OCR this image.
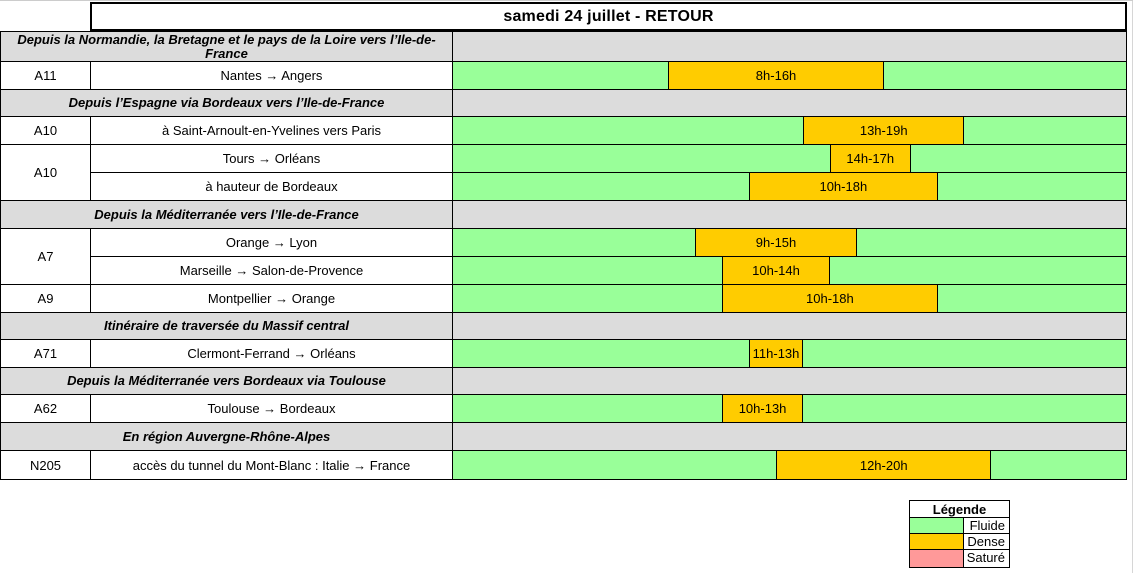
samedi 24 juillet - RETOUR
Depuis la Normandie, la Bretagne et le pays de la Loire vers l’Ile-de-France
A11	Nantes → Angers	8h-16h
Depuis l’Espagne via Bordeaux vers l’Ile-de-France
A10	à Saint-Arnoult-en-Yvelines vers Paris	13h-19h
A10
Tours → Orléans	14h-17h
à hauteur de Bordeaux	10h-18h
Depuis la Méditerranée vers l’Ile-de-France
A7
Orange → Lyon	9h-15h
Marseille → Salon-de-Provence	10h-14h
A9	Montpellier → Orange	10h-18h
Itinéraire de traversée du Massif central
A71	Clermont-Ferrand → Orléans	11h-13h
Depuis la Méditerranée vers Bordeaux via Toulouse
A62	Toulouse → Bordeaux	10h-13h
En région Auvergne-Rhône-Alpes
N205	accès du tunnel du Mont-Blanc : Italie → France	12h-20h
Légende
Fluide
Dense
Saturé
